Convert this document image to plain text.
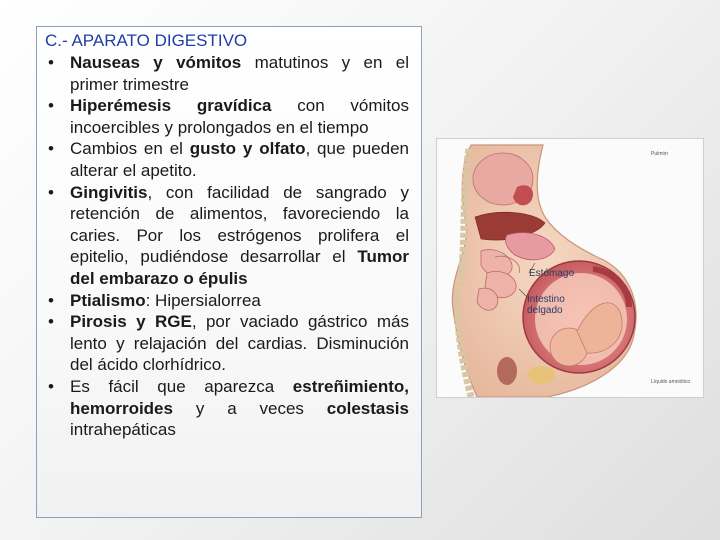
C.- APARATO DIGESTIVO
• Nauseas y vómitos matutinos y en el primer trimestre
• Hiperémesis gravídica con vómitos incoercibles y prolongados en el tiempo
• Cambios en el gusto y olfato, que pueden alterar el apetito.
• Gingivitis, con facilidad de sangrado y retención de alimentos, favoreciendo la caries. Por los estrógenos prolifera el epitelio, pudiéndose desarrollar el Tumor del embarazo o épulis
• Ptialismo: Hipersialorrea
• Pirosis y RGE, por vaciado gástrico más lento y relajación del cardias. Disminución del ácido clorhídrico.
• Es fácil que aparezca estreñimiento, hemorroides y a veces colestasis intrahepáticas
Pulmón
Estómago
Intestino delgado
Líquido amniótico
